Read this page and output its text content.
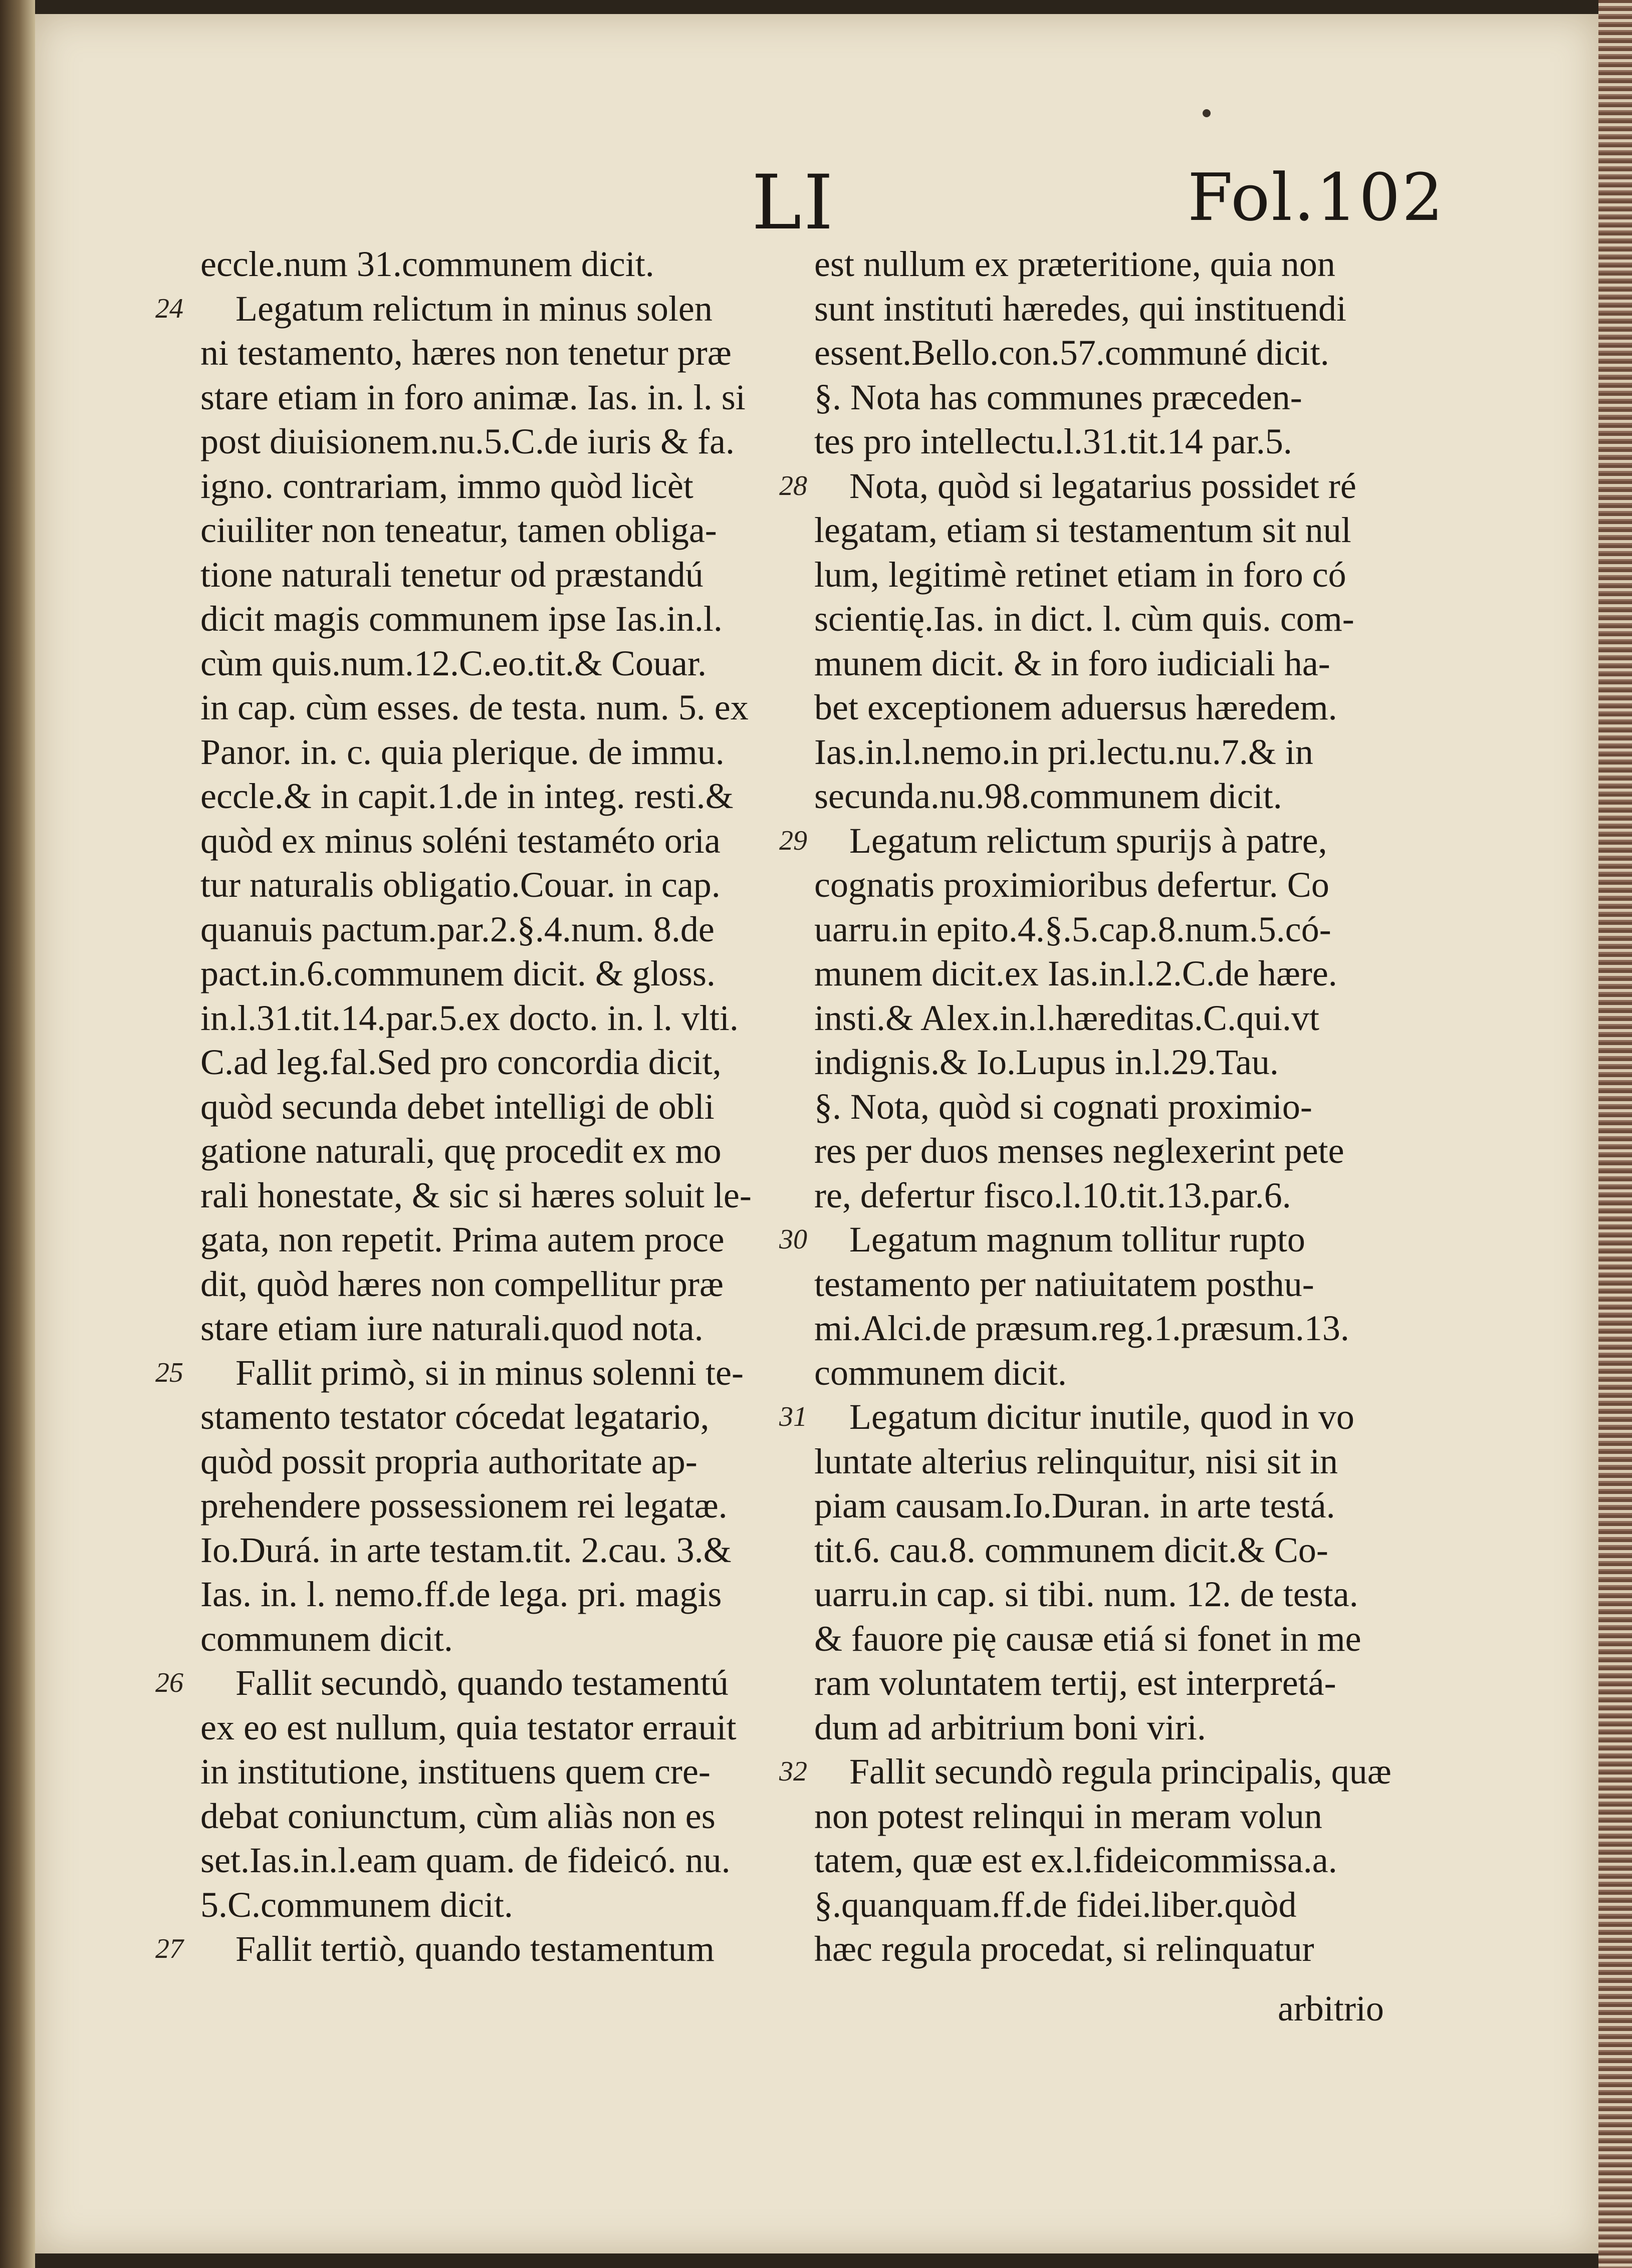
LI	Fol.102
eccle.num 31.communem dicit.
24 Legatum relictum in minus solen
ni testamento, hæres non tenetur præ
stare etiam in foro animæ. Ias. in. l. si
post diuisionem.nu.5.C.de iuris & fa.
igno. contrariam, immo quòd licèt
ciuiliter non teneatur, tamen obliga-
tione naturali tenetur od præstandú
dicit magis communem ipse Ias.in.l.
cùm quis.num.12.C.eo.tit.& Couar.
in cap. cùm esses. de testa. num. 5. ex
Panor. in. c. quia plerique. de immu.
eccle.& in capit.1.de in integ. resti.&
quòd ex minus soléni testaméto oria
tur naturalis obligatio.Couar. in cap.
quanuis pactum.par.2.§.4.num. 8.de
pact.in.6.communem dicit. & gloss.
in.l.31.tit.14.par.5.ex docto. in. l. vlti.
C.ad leg.fal.Sed pro concordia dicit,
quòd secunda debet intelligi de obli
gatione naturali, quę procedit ex mo
rali honestate, & sic si hæres soluit le-
gata, non repetit. Prima autem proce
dit, quòd hæres non compellitur præ
stare etiam iure naturali.quod nota.
25 Fallit primò, si in minus solenni te-
stamento testator cócedat legatario,
quòd possit propria authoritate ap-
prehendere possessionem rei legatæ.
Io.Durá. in arte testam.tit. 2.cau. 3.&
Ias. in. l. nemo.ff.de lega. pri. magis
communem dicit.
26 Fallit secundò, quando testamentú
ex eo est nullum, quia testator errauit
in institutione, instituens quem cre-
debat coniunctum, cùm aliàs non es
set.Ias.in.l.eam quam. de fideicó. nu.
5.C.communem dicit.
27 Fallit tertiò, quando testamentum
est nullum ex præteritione, quia non
sunt instituti hæredes, qui instituendi
essent.Bello.con.57.communé dicit.
§. Nota has communes præceden-
tes pro intellectu.l.31.tit.14 par.5.
28 Nota, quòd si legatarius possidet ré
legatam, etiam si testamentum sit nul
lum, legitimè retinet etiam in foro có
scientię.Ias. in dict. l. cùm quis. com-
munem dicit. & in foro iudiciali ha-
bet exceptionem aduersus hæredem.
Ias.in.l.nemo.in pri.lectu.nu.7.& in
secunda.nu.98.communem dicit.
29 Legatum relictum spurijs à patre,
cognatis proximioribus defertur. Co
uarru.in epito.4.§.5.cap.8.num.5.có-
munem dicit.ex Ias.in.l.2.C.de hære.
insti.& Alex.in.l.hæreditas.C.qui.vt
indignis.& Io.Lupus in.l.29.Tau.
§. Nota, quòd si cognati proximio-
res per duos menses neglexerint pete
re, defertur fisco.l.10.tit.13.par.6.
30 Legatum magnum tollitur rupto
testamento per natiuitatem posthu-
mi.Alci.de præsum.reg.1.præsum.13.
communem dicit.
31 Legatum dicitur inutile, quod in vo
luntate alterius relinquitur, nisi sit in
piam causam.Io.Duran. in arte testá.
tit.6. cau.8. communem dicit.& Co-
uarru.in cap. si tibi. num. 12. de testa.
& fauore pię causæ etiá si fonet in me
ram voluntatem tertij, est interpretá-
dum ad arbitrium boni viri.
32 Fallit secundò regula principalis, quæ
non potest relinqui in meram volun
tatem, quæ est ex.l.fideicommissa.a.
§.quanquam.ff.de fidei.liber.quòd
hæc regula procedat, si relinquatur
arbitrio
